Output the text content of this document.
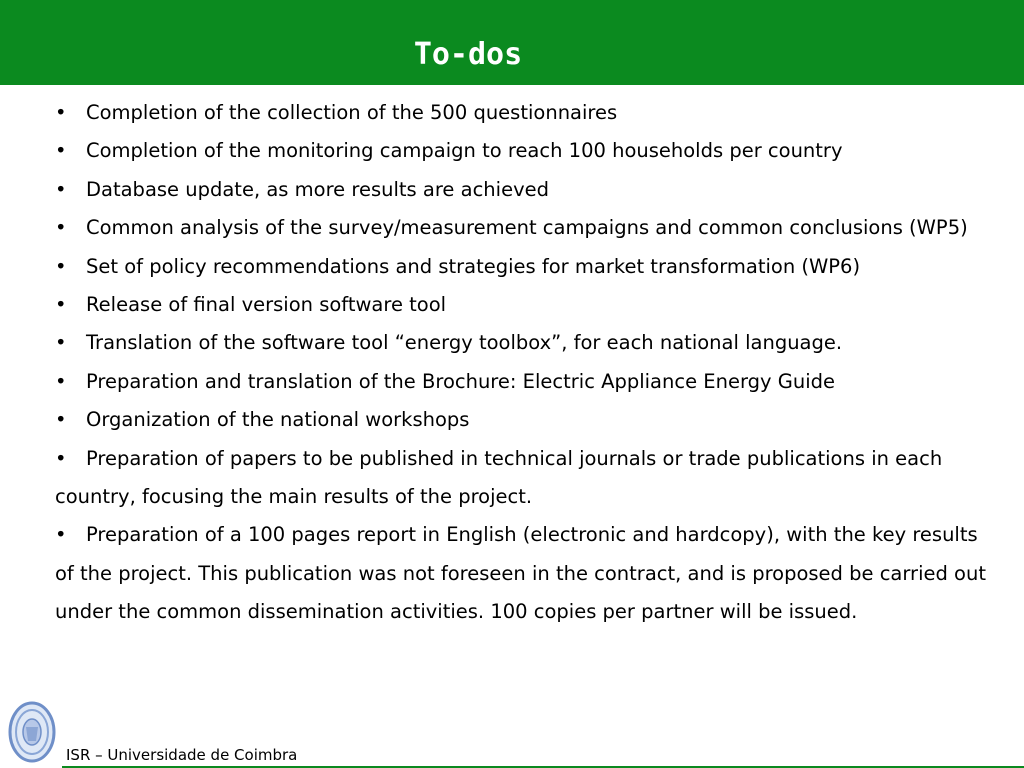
To-dos

• Completion of the collection of the 500 questionnaires

• Completion of the monitoring campaign to reach 100 households per country

• Database update, as more results are achieved

• Common analysis of the survey/measurement campaigns and common conclusions (WP5)

• Set of policy recommendations and strategies for market transformation (WP6)

• Release of final version software tool

• Translation of the software tool “energy toolbox”, for each national language.

• Preparation and translation of the Brochure: Electric Appliance Energy Guide

• Organization of the national workshops

• Preparation of papers to be published in technical journals or trade publications in each country, focusing the main results of the project.

• Preparation of a 100 pages report in English (electronic and hardcopy), with the key results of the project. This publication was not foreseen in the contract, and is proposed be carried out under the common dissemination activities. 100 copies per partner will be issued.

ISR – Universidade de Coimbra
